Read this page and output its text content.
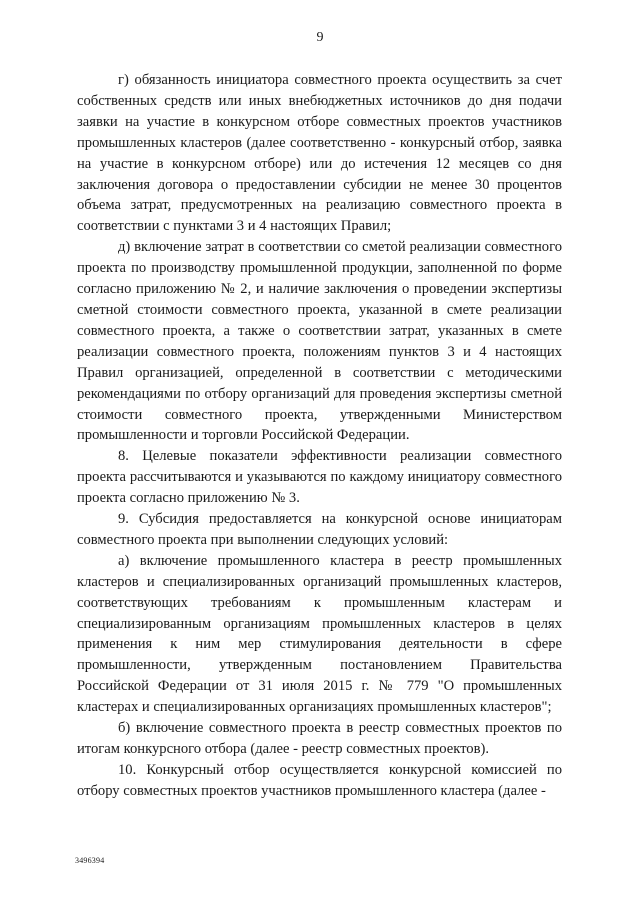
9

г) обязанность инициатора совместного проекта осуществить за счет собственных средств или иных внебюджетных источников до дня подачи заявки на участие в конкурсном отборе совместных проектов участников промышленных кластеров (далее соответственно - конкурсный отбор, заявка на участие в конкурсном отборе) или до истечения 12 месяцев со дня заключения договора о предоставлении субсидии не менее 30 процентов объема затрат, предусмотренных на реализацию совместного проекта в соответствии с пунктами 3 и 4 настоящих Правил;

д) включение затрат в соответствии со сметой реализации совместного проекта по производству промышленной продукции, заполненной по форме согласно приложению № 2, и наличие заключения о проведении экспертизы сметной стоимости совместного проекта, указанной в смете реализации совместного проекта, а также о соответствии затрат, указанных в смете реализации совместного проекта, положениям пунктов 3 и 4 настоящих Правил организацией, определенной в соответствии с методическими рекомендациями по отбору организаций для проведения экспертизы сметной стоимости совместного проекта, утвержденными Министерством промышленности и торговли Российской Федерации.

8. Целевые показатели эффективности реализации совместного проекта рассчитываются и указываются по каждому инициатору совместного проекта согласно приложению № 3.

9. Субсидия предоставляется на конкурсной основе инициаторам совместного проекта при выполнении следующих условий:

а) включение промышленного кластера в реестр промышленных кластеров и специализированных организаций промышленных кластеров, соответствующих требованиям к промышленным кластерам и специализированным организациям промышленных кластеров в целях применения к ним мер стимулирования деятельности в сфере промышленности, утвержденным постановлением Правительства Российской Федерации от 31 июля 2015 г. № 779 "О промышленных кластерах и специализированных организациях промышленных кластеров";

б) включение совместного проекта в реестр совместных проектов по итогам конкурсного отбора (далее - реестр совместных проектов).

10. Конкурсный отбор осуществляется конкурсной комиссией по отбору совместных проектов участников промышленного кластера (далее -

3496394
